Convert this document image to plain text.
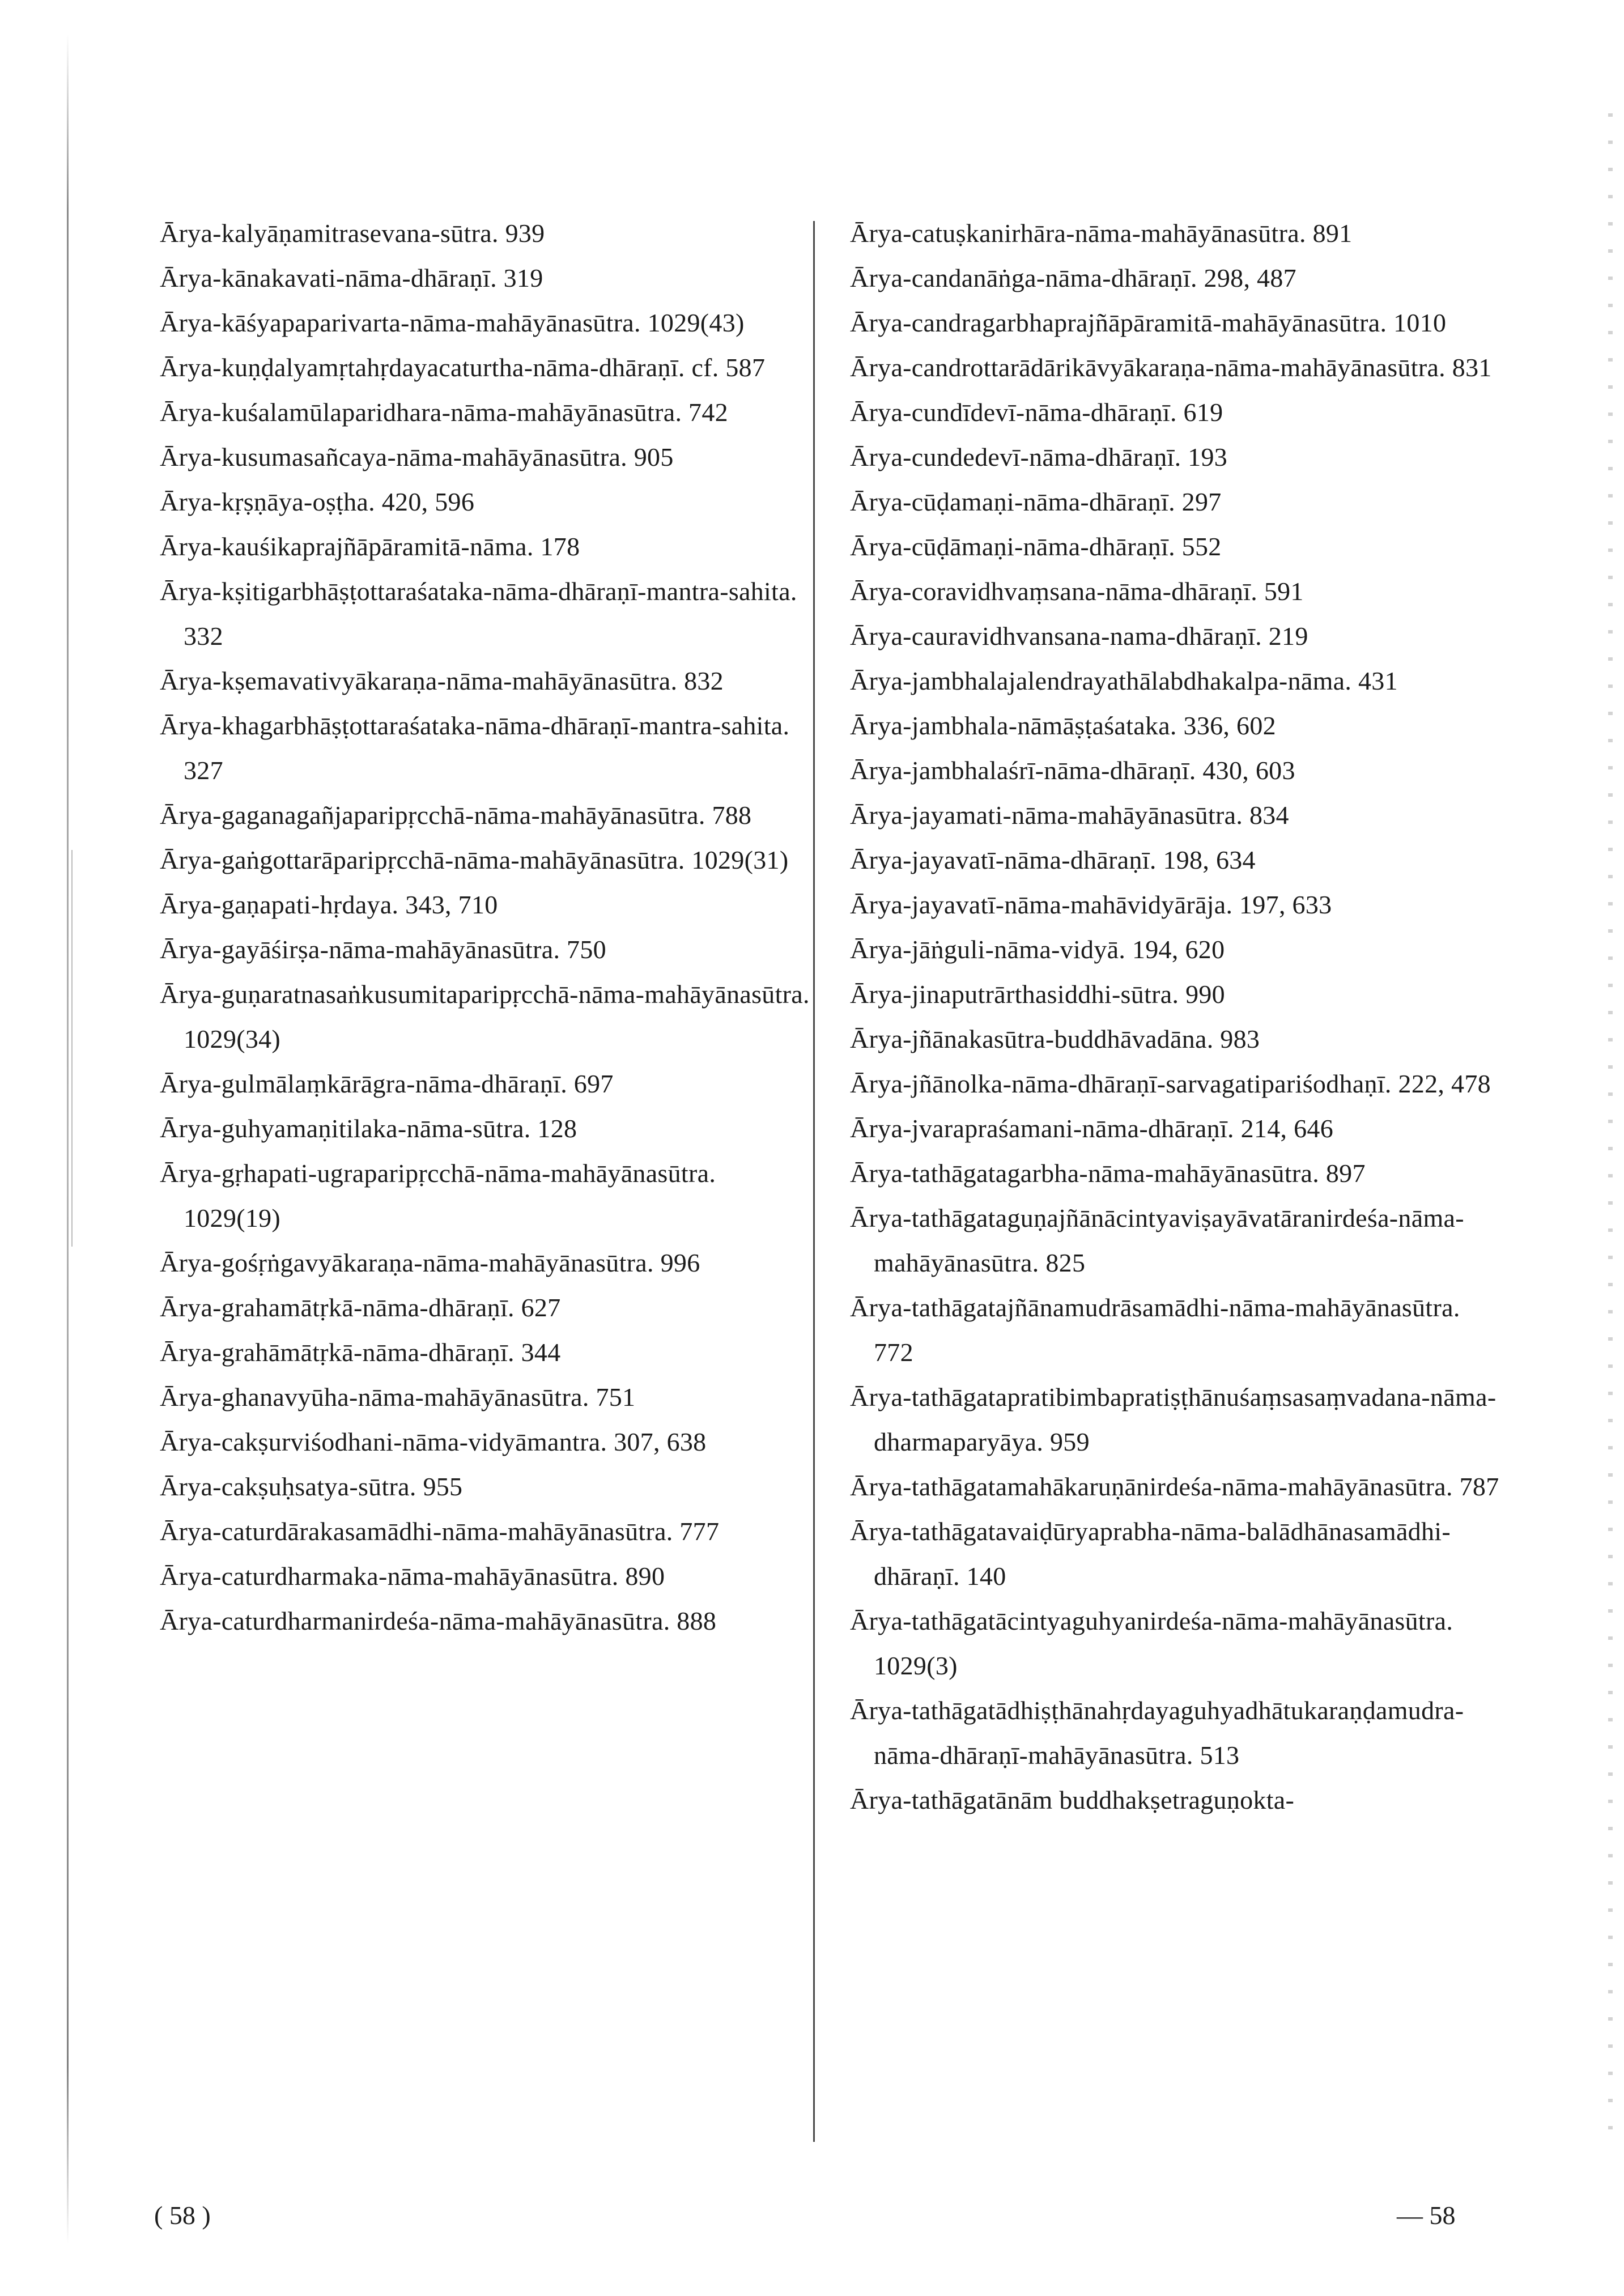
Ārya-kalyāṇamitrasevana-sūtra. 939

Ārya-kānakavati-nāma-dhāraṇī. 319

Ārya-kāśyapaparivarta-nāma-mahāyānasūtra. 1029(43)

Ārya-kuṇḍalyamṛtahṛdayacaturtha-nāma-dhāraṇī. cf. 587

Ārya-kuśalamūlaparidhara-nāma-mahāyānasūtra. 742

Ārya-kusumasañcaya-nāma-mahāyānasūtra. 905

Ārya-kṛṣṇāya-oṣṭha. 420, 596

Ārya-kauśikaprajñāpāramitā-nāma. 178

Ārya-kṣitigarbhāṣṭottaraśataka-nāma-dhāraṇī-mantra-sahita. 332

Ārya-kṣemavativyākaraṇa-nāma-mahāyānasūtra. 832

Ārya-khagarbhāṣṭottaraśataka-nāma-dhāraṇī-mantra-sahita. 327

Ārya-gaganagañjaparipṛcchā-nāma-mahāyānasūtra. 788

Ārya-gaṅgottarāparipṛcchā-nāma-mahāyānasūtra. 1029(31)

Ārya-gaṇapati-hṛdaya. 343, 710

Ārya-gayāśirṣa-nāma-mahāyānasūtra. 750

Ārya-guṇaratnasaṅkusumitaparipṛcchā-nāma-mahāyānasūtra. 1029(34)

Ārya-gulmālaṃkārāgra-nāma-dhāraṇī. 697

Ārya-guhyamaṇitilaka-nāma-sūtra. 128

Ārya-gṛhapati-ugraparipṛcchā-nāma-mahāyānasūtra. 1029(19)

Ārya-gośṛṅgavyākaraṇa-nāma-mahāyānasūtra. 996

Ārya-grahamātṛkā-nāma-dhāraṇī. 627

Ārya-grahāmātṛkā-nāma-dhāraṇī. 344

Ārya-ghanavyūha-nāma-mahāyānasūtra. 751

Ārya-cakṣurviśodhani-nāma-vidyāmantra. 307, 638

Ārya-cakṣuḥsatya-sūtra. 955

Ārya-caturdārakasamādhi-nāma-mahāyānasūtra. 777

Ārya-caturdharmaka-nāma-mahāyānasūtra. 890

Ārya-caturdharmanirdeśa-nāma-mahāyānasūtra. 888

Ārya-catuṣkanirhāra-nāma-mahāyānasūtra. 891

Ārya-candanāṅga-nāma-dhāraṇī. 298, 487

Ārya-candragarbhaprajñāpāramitā-mahāyānasūtra. 1010

Ārya-candrottarādārikāvyākaraṇa-nāma-mahāyānasūtra. 831

Ārya-cundīdevī-nāma-dhāraṇī. 619

Ārya-cundedevī-nāma-dhāraṇī. 193

Ārya-cūḍamaṇi-nāma-dhāraṇī. 297

Ārya-cūḍāmaṇi-nāma-dhāraṇī. 552

Ārya-coravidhvaṃsana-nāma-dhāraṇī. 591

Ārya-cauravidhvansana-nama-dhāraṇī. 219

Ārya-jambhalajalendrayathālabdhakalpa-nāma. 431

Ārya-jambhala-nāmāṣṭaśataka. 336, 602

Ārya-jambhalaśrī-nāma-dhāraṇī. 430, 603

Ārya-jayamati-nāma-mahāyānasūtra. 834

Ārya-jayavatī-nāma-dhāraṇī. 198, 634

Ārya-jayavatī-nāma-mahāvidyārāja. 197, 633

Ārya-jāṅguli-nāma-vidyā. 194, 620

Ārya-jinaputrārthasiddhi-sūtra. 990

Ārya-jñānakasūtra-buddhāvadāna. 983

Ārya-jñānolka-nāma-dhāraṇī-sarvagatipariśodhaṇī. 222, 478

Ārya-jvarapraśamani-nāma-dhāraṇī. 214, 646

Ārya-tathāgatagarbha-nāma-mahāyānasūtra. 897

Ārya-tathāgataguṇajñānācintyaviṣayāvatāranirdeśa-nāma-mahāyānasūtra. 825

Ārya-tathāgatajñānamudrāsamādhi-nāma-mahāyānasūtra. 772

Ārya-tathāgatapratibimbapratiṣṭhānuśaṃsasaṃvadana-nāma-dharmaparyāya. 959

Ārya-tathāgatamahākaruṇānirdeśa-nāma-mahāyānasūtra. 787

Ārya-tathāgatavaiḍūryaprabha-nāma-balādhānasamādhi-dhāraṇī. 140

Ārya-tathāgatācintyaguhyanirdeśa-nāma-mahāyānasūtra. 1029(3)

Ārya-tathāgatādhiṣṭhānahṛdayaguhyadhātukaraṇḍamudra-nāma-dhāraṇī-mahāyānasūtra. 513

Ārya-tathāgatānām buddhakṣetraguṇokta-

( 58 )	— 58
